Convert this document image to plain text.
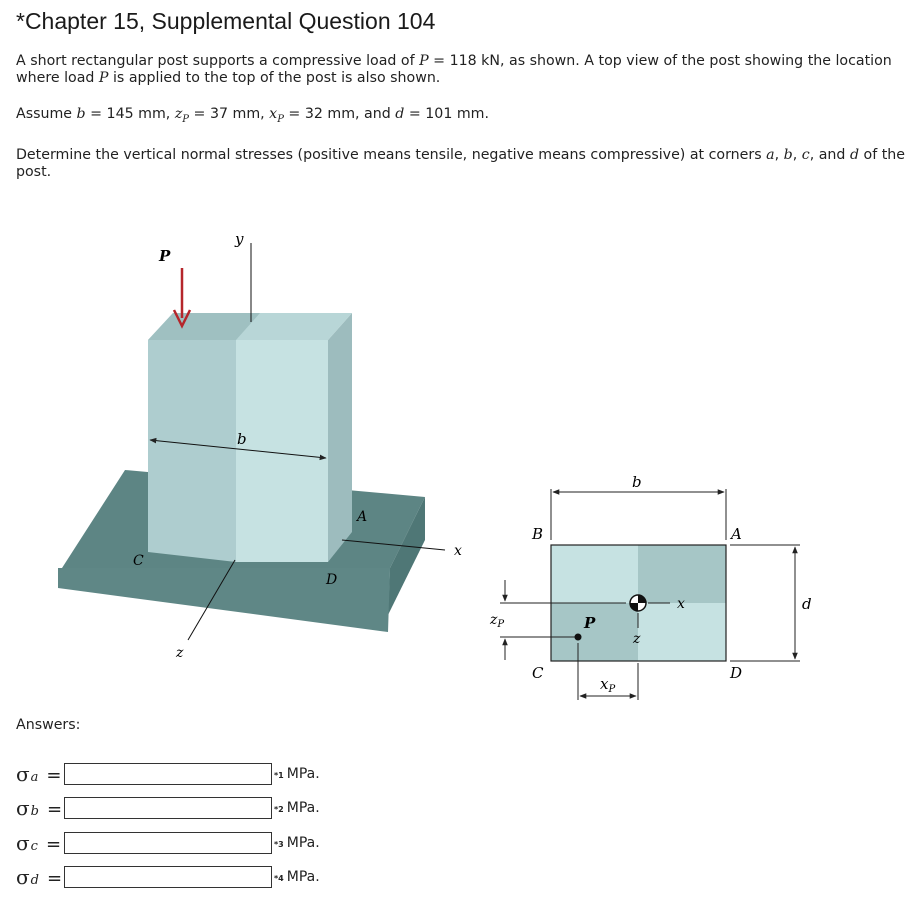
*Chapter 15, Supplemental Question 104
A short rectangular post supports a compressive load of P = 118 kN, as shown. A top view of the post showing the location where load P is applied to the top of the post is also shown.
Assume b = 145 mm, $z_P = 37$ mm, $x_P = 32$ mm, and d = 101 mm.
Determine the vertical normal stresses (positive means tensile, negative means compressive) at corners a, b, c, and d of the post.
P
y
b
A
C
D
x
z
b
B	A
d
x
$z_P$	P
z
C	D
$x_P$
Answers:
σ a =	*1 MPa.
σ b =	*2 MPa.
σ c =	*3 MPa.
σ d =	*4 MPa.
